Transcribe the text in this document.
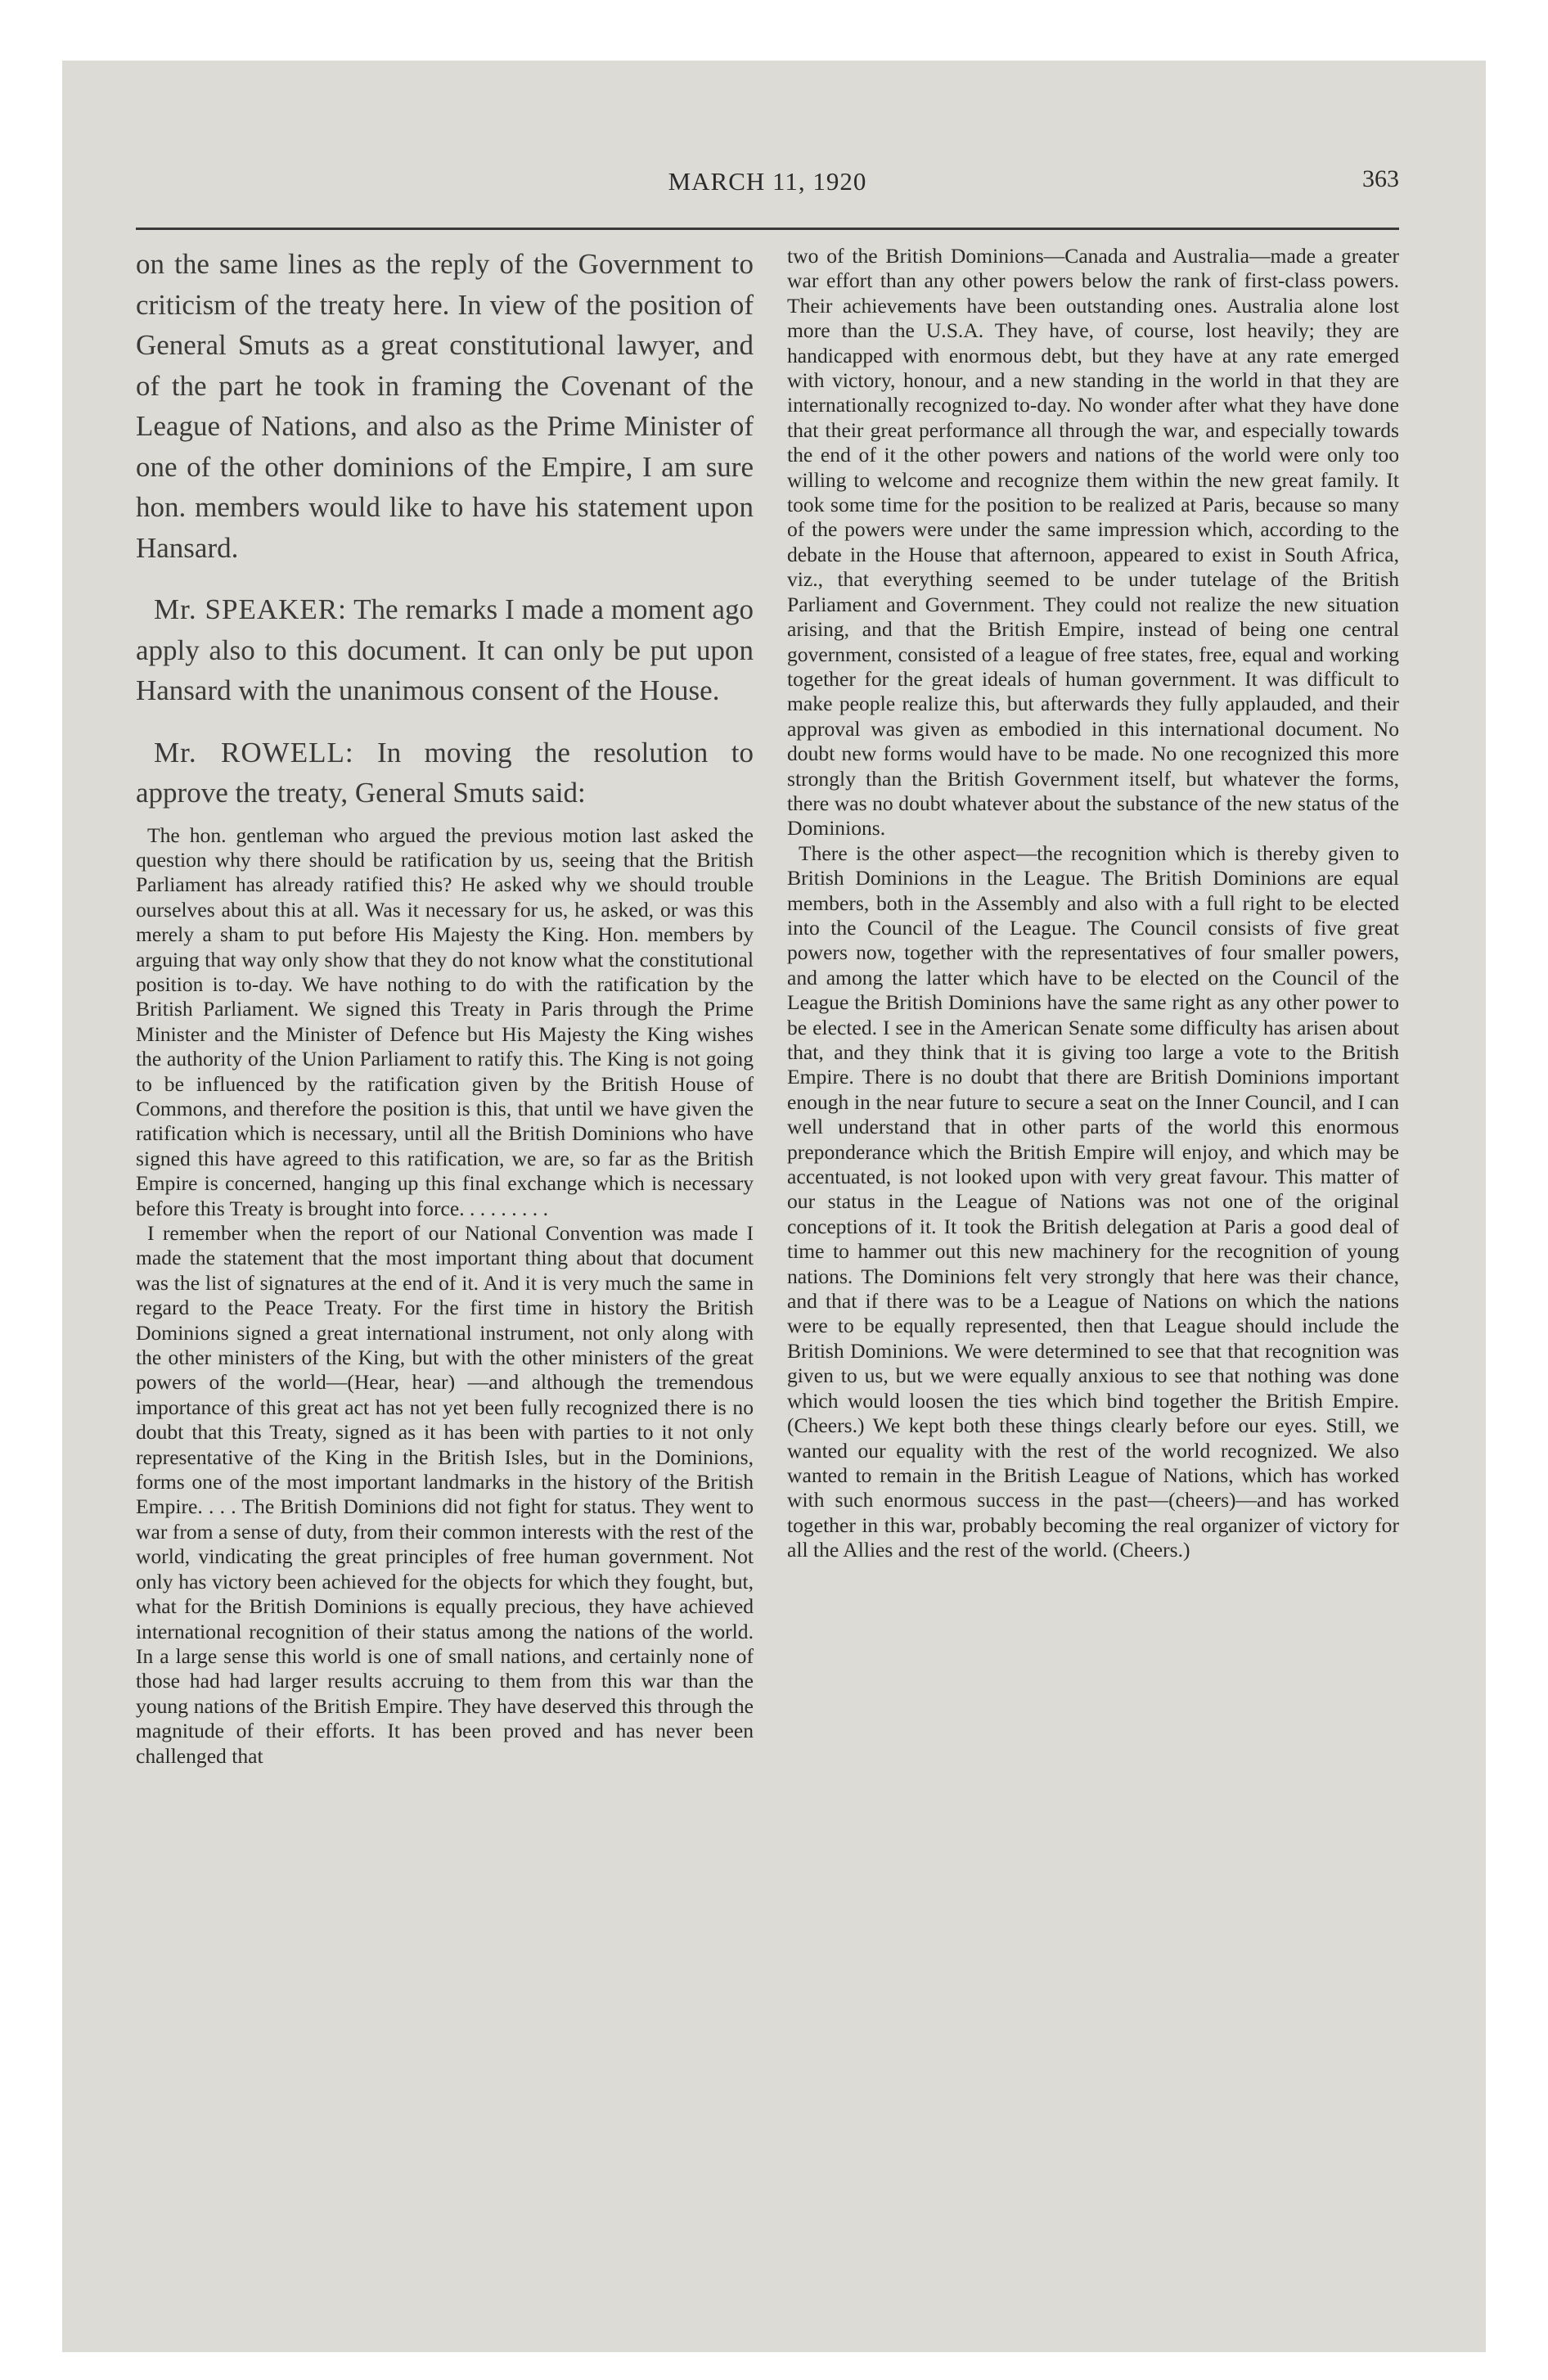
MARCH 11, 1920	363

on the same lines as the reply of the Government to criticism of the treaty here. In view of the position of General Smuts as a great constitutional lawyer, and of the part he took in framing the Covenant of the League of Nations, and also as the Prime Minister of one of the other dominions of the Empire, I am sure hon. members would like to have his statement upon Hansard.

Mr. SPEAKER: The remarks I made a moment ago apply also to this document. It can only be put upon Hansard with the unanimous consent of the House.

Mr. ROWELL: In moving the resolution to approve the treaty, General Smuts said:

The hon. gentleman who argued the previous motion last asked the question why there should be ratification by us, seeing that the British Parliament has already ratified this? He asked why we should trouble ourselves about this at all. Was it necessary for us, he asked, or was this merely a sham to put before His Majesty the King. Hon. members by arguing that way only show that they do not know what the constitutional position is to-day. We have nothing to do with the ratification by the British Parliament. We signed this Treaty in Paris through the Prime Minister and the Minister of Defence but His Majesty the King wishes the authority of the Union Parliament to ratify this. The King is not going to be influenced by the ratification given by the British House of Commons, and therefore the position is this, that until we have given the ratification which is necessary, until all the British Dominions who have signed this have agreed to this ratification, we are, so far as the British Empire is concerned, hanging up this final exchange which is necessary before this Treaty is brought into force. . . . . . . . .

I remember when the report of our National Convention was made I made the statement that the most important thing about that document was the list of signatures at the end of it. And it is very much the same in regard to the Peace Treaty. For the first time in history the British Dominions signed a great international instrument, not only along with the other ministers of the King, but with the other ministers of the great powers of the world—(Hear, hear) —and although the tremendous importance of this great act has not yet been fully recognized there is no doubt that this Treaty, signed as it has been with parties to it not only representative of the King in the British Isles, but in the Dominions, forms one of the most important landmarks in the history of the British Empire. . . . The British Dominions did not fight for status. They went to war from a sense of duty, from their common interests with the rest of the world, vindicating the great principles of free human government. Not only has victory been achieved for the objects for which they fought, but, what for the British Dominions is equally precious, they have achieved international recognition of their status among the nations of the world. In a large sense this world is one of small nations, and certainly none of those had had larger results accruing to them from this war than the young nations of the British Empire. They have deserved this through the magnitude of their efforts. It has been proved and has never been challenged that

two of the British Dominions—Canada and Australia—made a greater war effort than any other powers below the rank of first-class powers. Their achievements have been outstanding ones. Australia alone lost more than the U.S.A. They have, of course, lost heavily; they are handicapped with enormous debt, but they have at any rate emerged with victory, honour, and a new standing in the world in that they are internationally recognized to-day. No wonder after what they have done that their great performance all through the war, and especially towards the end of it the other powers and nations of the world were only too willing to welcome and recognize them within the new great family. It took some time for the position to be realized at Paris, because so many of the powers were under the same impression which, according to the debate in the House that afternoon, appeared to exist in South Africa, viz., that everything seemed to be under tutelage of the British Parliament and Government. They could not realize the new situation arising, and that the British Empire, instead of being one central government, consisted of a league of free states, free, equal and working together for the great ideals of human government. It was difficult to make people realize this, but afterwards they fully applauded, and their approval was given as embodied in this international document. No doubt new forms would have to be made. No one recognized this more strongly than the British Government itself, but whatever the forms, there was no doubt whatever about the substance of the new status of the Dominions.

There is the other aspect—the recognition which is thereby given to British Dominions in the League. The British Dominions are equal members, both in the Assembly and also with a full right to be elected into the Council of the League. The Council consists of five great powers now, together with the representatives of four smaller powers, and among the latter which have to be elected on the Council of the League the British Dominions have the same right as any other power to be elected. I see in the American Senate some difficulty has arisen about that, and they think that it is giving too large a vote to the British Empire. There is no doubt that there are British Dominions important enough in the near future to secure a seat on the Inner Council, and I can well understand that in other parts of the world this enormous preponderance which the British Empire will enjoy, and which may be accentuated, is not looked upon with very great favour. This matter of our status in the League of Nations was not one of the original conceptions of it. It took the British delegation at Paris a good deal of time to hammer out this new machinery for the recognition of young nations. The Dominions felt very strongly that here was their chance, and that if there was to be a League of Nations on which the nations were to be equally represented, then that League should include the British Dominions. We were determined to see that that recognition was given to us, but we were equally anxious to see that nothing was done which would loosen the ties which bind together the British Empire. (Cheers.) We kept both these things clearly before our eyes. Still, we wanted our equality with the rest of the world recognized. We also wanted to remain in the British League of Nations, which has worked with such enormous success in the past—(cheers)—and has worked together in this war, probably becoming the real organizer of victory for all the Allies and the rest of the world. (Cheers.)
